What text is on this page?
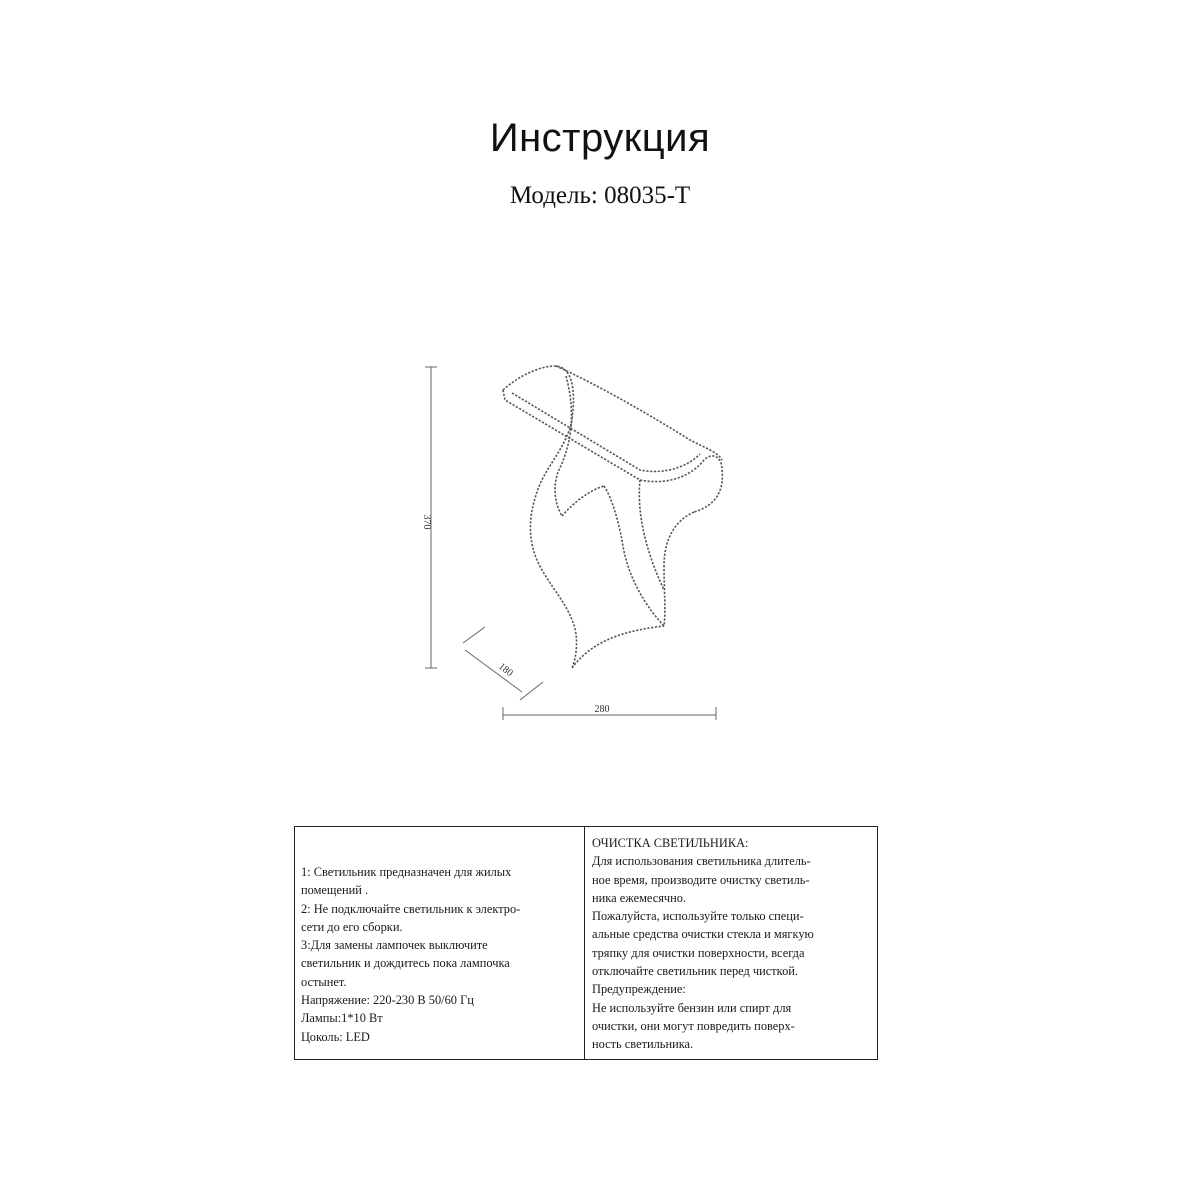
Инструкция
Модель: 08035-T
370
180
280
1: Светильник предназначен для жилых
помещений .
2: Не подключайте светильник к электро-
сети до его сборки.
3:Для замены лампочек выключите
светильник и дождитесь пока лампочка
остынет.
Напряжение: 220-230 В 50/60 Гц
Лампы:1*10 Вт
Цоколь: LED
ОЧИСТКА СВЕТИЛЬНИКА:
Для использования светильника длитель-
ное время, производите очистку светиль-
ника ежемесячно.
Пожалуйста, используйте только специ-
альные средства очистки стекла и мягкую
тряпку для очистки поверхности, всегда
отключайте светильник перед чисткой.
Предупреждение:
Не используйте бензин или спирт для
очистки, они могут повредить поверх-
ность светильника.
